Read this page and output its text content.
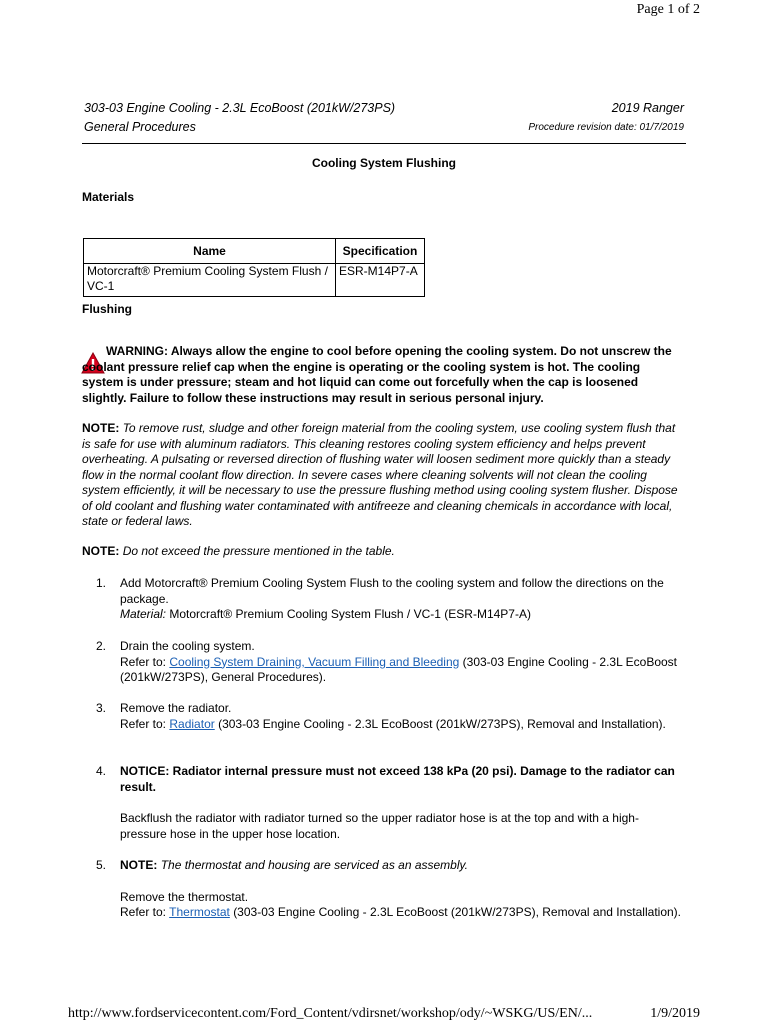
Page 1 of 2
303-03 Engine Cooling - 2.3L EcoBoost (201kW/273PS)
General Procedures
2019 Ranger
Procedure revision date: 01/7/2019
Cooling System Flushing
Materials
Name	Specification
Motorcraft® Premium Cooling System Flush / VC-1	ESR-M14P7-A
Flushing
WARNING: Always allow the engine to cool before opening the cooling system. Do not unscrew the coolant pressure relief cap when the engine is operating or the cooling system is hot. The cooling system is under pressure; steam and hot liquid can come out forcefully when the cap is loosened slightly. Failure to follow these instructions may result in serious personal injury.
NOTE: To remove rust, sludge and other foreign material from the cooling system, use cooling system flush that is safe for use with aluminum radiators. This cleaning restores cooling system efficiency and helps prevent overheating. A pulsating or reversed direction of flushing water will loosen sediment more quickly than a steady flow in the normal coolant flow direction. In severe cases where cleaning solvents will not clean the cooling system efficiently, it will be necessary to use the pressure flushing method using cooling system flusher. Dispose of old coolant and flushing water contaminated with antifreeze and cleaning chemicals in accordance with local, state or federal laws.
NOTE: Do not exceed the pressure mentioned in the table.
1. Add Motorcraft® Premium Cooling System Flush to the cooling system and follow the directions on the package.
Material: Motorcraft® Premium Cooling System Flush / VC-1 (ESR-M14P7-A)
2. Drain the cooling system.
Refer to: Cooling System Draining, Vacuum Filling and Bleeding (303-03 Engine Cooling - 2.3L EcoBoost (201kW/273PS), General Procedures).
3. Remove the radiator.
Refer to: Radiator (303-03 Engine Cooling - 2.3L EcoBoost (201kW/273PS), Removal and Installation).
4. NOTICE: Radiator internal pressure must not exceed 138 kPa (20 psi). Damage to the radiator can result.
Backflush the radiator with radiator turned so the upper radiator hose is at the top and with a high-pressure hose in the upper hose location.
5. NOTE: The thermostat and housing are serviced as an assembly.
Remove the thermostat.
Refer to: Thermostat (303-03 Engine Cooling - 2.3L EcoBoost (201kW/273PS), Removal and Installation).
http://www.fordservicecontent.com/Ford_Content/vdirsnet/workshop/ody/~WSKG/US/EN/...	1/9/2019
